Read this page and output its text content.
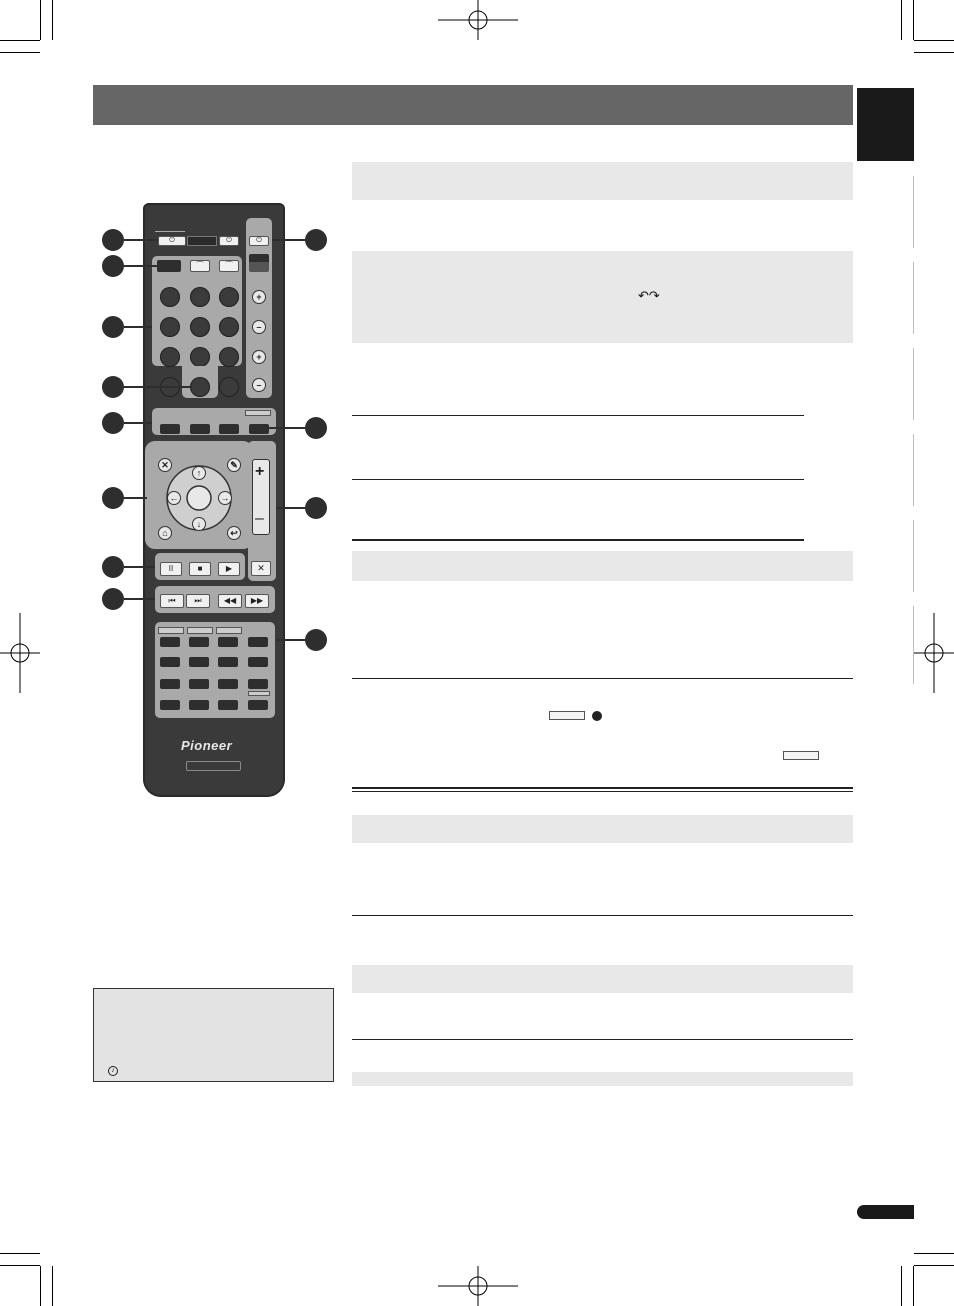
↶↷
♪
⏻	⏻	⏻
+
–
+
–
⌒	⌒
✕	✎
⌂	↩
↑
↓
←	→
+
–
✕
II	■	▶
⏮	⏭	◀◀	▶▶
Pioneer
